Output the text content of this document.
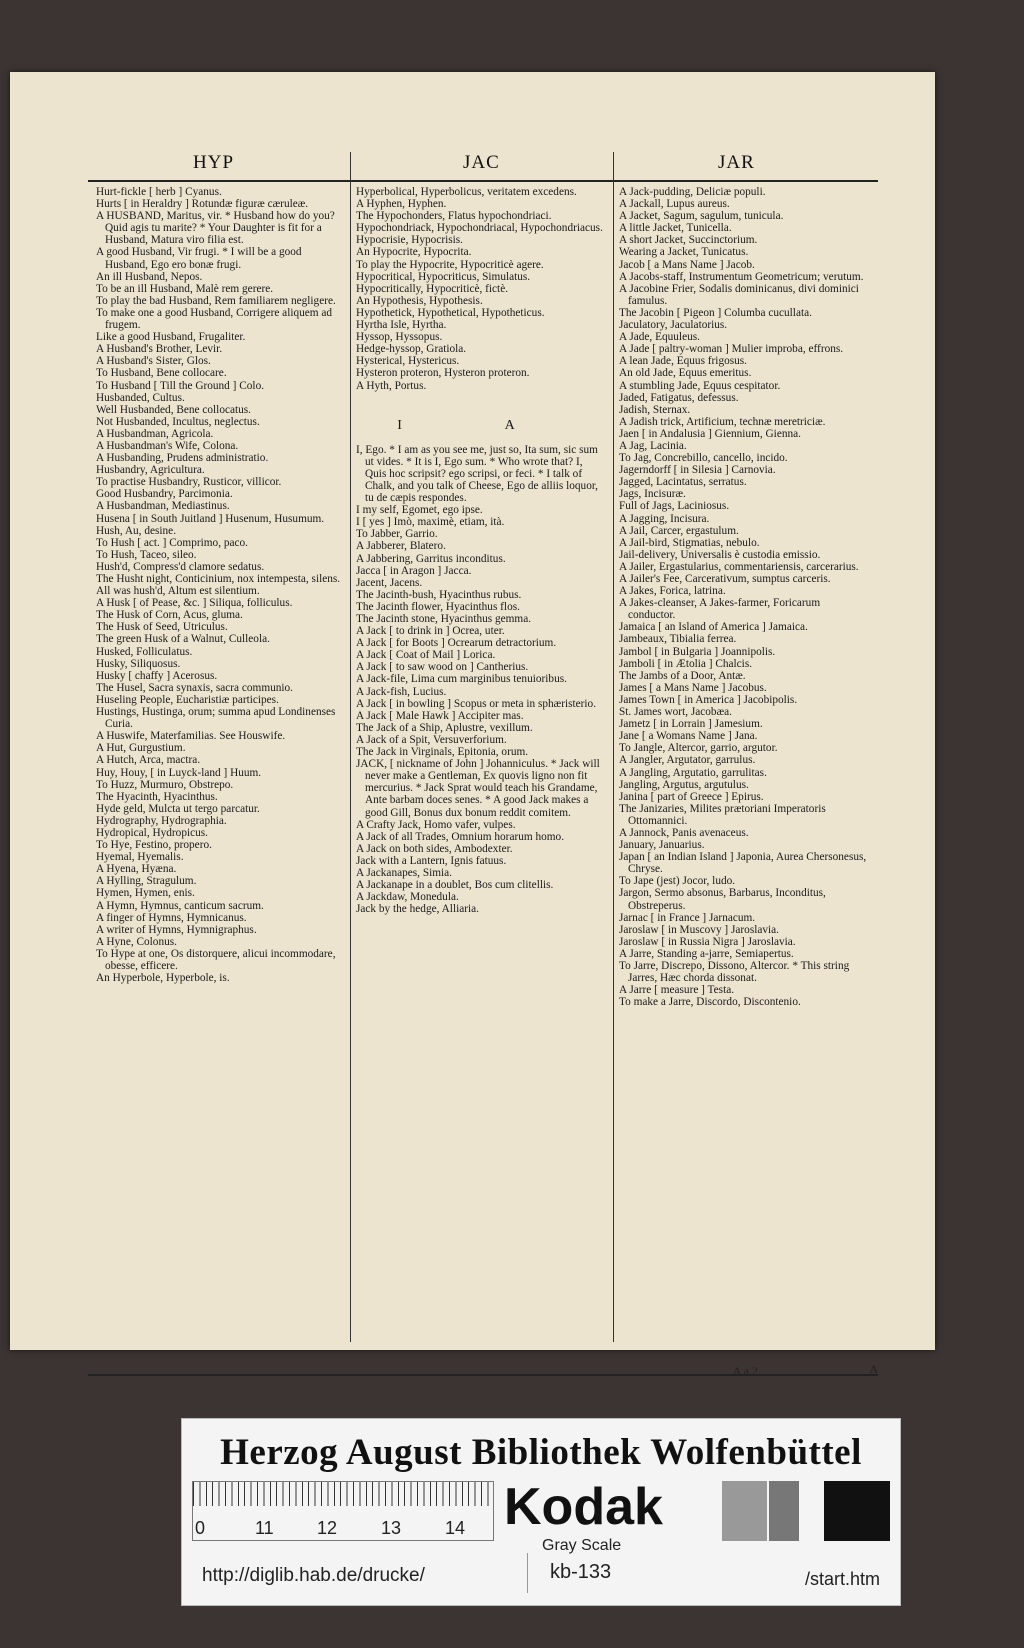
HYP	JAC	JAR

Hurt-fickle [ herb ] Cyanus.

Hurts [ in Heraldry ] Rotundæ figuræ cæruleæ.

A HUSBAND, Maritus, vir. * Husband how do you? Quid agis tu marite? * Your Daughter is fit for a Husband, Matura viro filia est.

A good Husband, Vir frugi. * I will be a good Husband, Ego ero bonæ frugi.

An ill Husband, Nepos.

To be an ill Husband, Malè rem gerere.

To play the bad Husband, Rem familiarem negligere.

To make one a good Husband, Corrigere aliquem ad frugem.

Like a good Husband, Frugaliter.

A Husband's Brother, Levir.

A Husband's Sister, Glos.

To Husband, Bene collocare.

To Husband [ Till the Ground ] Colo.

Husbanded, Cultus.

Well Husbanded, Bene collocatus.

Not Husbanded, Incultus, neglectus.

A Husbandman, Agricola.

A Husbandman's Wife, Colona.

A Husbanding, Prudens administratio.

Husbandry, Agricultura.

To practise Husbandry, Rusticor, villicor.

Good Husbandry, Parcimonia.

A Husbandman, Mediastinus.

Husena [ in South Juitland ] Husenum, Husumum.

Hush, Au, desine.

To Hush [ act. ] Comprimo, paco.

To Hush, Taceo, sileo.

Hush'd, Compress'd clamore sedatus.

The Husht night, Conticinium, nox intempesta, silens.

All was hush'd, Altum est silentium.

A Husk [ of Pease, &c. ] Siliqua, folliculus.

The Husk of Corn, Acus, gluma.

The Husk of Seed, Utriculus.

The green Husk of a Walnut, Culleola.

Husked, Folliculatus.

Husky, Siliquosus.

Husky [ chaffy ] Acerosus.

The Husel, Sacra synaxis, sacra communio.

Huseling People, Eucharistiæ participes.

Hustings, Hustinga, orum; summa apud Londinenses Curia.

A Huswife, Materfamilias. See Houswife.

A Hut, Gurgustium.

A Hutch, Arca, mactra.

Huy, Houy, [ in Luyck-land ] Huum.

To Huzz, Murmuro, Obstrepo.

The Hyacinth, Hyacinthus.

Hyde geld, Mulcta ut tergo parcatur.

Hydrography, Hydrographia.

Hydropical, Hydropicus.

To Hye, Festino, propero.

Hyemal, Hyemalis.

A Hyena, Hyæna.

A Hylling, Stragulum.

Hymen, Hymen, enis.

A Hymn, Hymnus, canticum sacrum.

A finger of Hymns, Hymnicanus.

A writer of Hymns, Hymnigraphus.

A Hyne, Colonus.

To Hype at one, Os distorquere, alicui incommodare, obesse, efficere.

An Hyperbole, Hyperbole, is.

Hyperbolical, Hyperbolicus, veritatem excedens.

A Hyphen, Hyphen.

The Hypochonders, Flatus hypochondriaci.

Hypochondriack, Hypochondriacal, Hypochondriacus.

Hypocrisie, Hypocrisis.

An Hypocrite, Hypocrita.

To play the Hypocrite, Hypocriticè agere.

Hypocritical, Hypocriticus, Simulatus.

Hypocritically, Hypocriticè, fictè.

An Hypothesis, Hypothesis.

Hypothetick, Hypothetical, Hypotheticus.

Hyrtha Isle, Hyrtha.

Hyssop, Hyssopus.

Hedge-hyssop, Gratiola.

Hysterical, Hystericus.

Hysteron proteron, Hysteron proteron.

A Hyth, Portus.

I A

I, Ego. * I am as you see me, just so, Ita sum, sic sum ut vides. * It is I, Ego sum. * Who wrote that? I, Quis hoc scripsit? ego scripsi, or feci. * I talk of Chalk, and you talk of Cheese, Ego de alliis loquor, tu de cæpis respondes.

I my self, Egomet, ego ipse.

I [ yes ] Imò, maximè, etiam, ità.

To Jabber, Garrio.

A Jabberer, Blatero.

A Jabbering, Garritus inconditus.

Jacca [ in Aragon ] Jacca.

Jacent, Jacens.

The Jacinth-bush, Hyacinthus rubus.

The Jacinth flower, Hyacinthus flos.

The Jacinth stone, Hyacinthus gemma.

A Jack [ to drink in ] Ocrea, uter.

A Jack [ for Boots ] Ocrearum detractorium.

A Jack [ Coat of Mail ] Lorica.

A Jack [ to saw wood on ] Cantherius.

A Jack-file, Lima cum marginibus tenuioribus.

A Jack-fish, Lucius.

A Jack [ in bowling ] Scopus or meta in sphæristerio.

A Jack [ Male Hawk ] Accipiter mas.

The Jack of a Ship, Aplustre, vexillum.

A Jack of a Spit, Versuverforium.

The Jack in Virginals, Epitonia, orum.

JACK, [ nickname of John ] Johanniculus. * Jack will never make a Gentleman, Ex quovis ligno non fit mercurius. * Jack Sprat would teach his Grandame, Ante barbam doces senes. * A good Jack makes a good Gill, Bonus dux bonum reddit comitem.

A Crafty Jack, Homo vafer, vulpes.

A Jack of all Trades, Omnium horarum homo.

A Jack on both sides, Ambodexter.

Jack with a Lantern, Ignis fatuus.

A Jackanapes, Simia.

A Jackanape in a doublet, Bos cum clitellis.

A Jackdaw, Monedula.

Jack by the hedge, Alliaria.

A Jack-pudding, Deliciæ populi.

A Jackall, Lupus aureus.

A Jacket, Sagum, sagulum, tunicula.

A little Jacket, Tunicella.

A short Jacket, Succinctorium.

Wearing a Jacket, Tunicatus.

Jacob [ a Mans Name ] Jacob.

A Jacobs-staff, Instrumentum Geometricum; verutum.

A Jacobine Frier, Sodalis dominicanus, divi dominici famulus.

The Jacobin [ Pigeon ] Columba cucullata.

Jaculatory, Jaculatorius.

A Jade, Equuleus.

A Jade [ paltry-woman ] Mulier improba, effrons.

A lean Jade, Equus frigosus.

An old Jade, Equus emeritus.

A stumbling Jade, Equus cespitator.

Jaded, Fatigatus, defessus.

Jadish, Sternax.

A Jadish trick, Artificium, technæ meretriciæ.

Jaen [ in Andalusia ] Giennium, Gienna.

A Jag, Lacinia.

To Jag, Concrebillo, cancello, incido.

Jagerndorff [ in Silesia ] Carnovia.

Jagged, Lacintatus, serratus.

Jags, Incisuræ.

Full of Jags, Laciniosus.

A Jagging, Incisura.

A Jail, Carcer, ergastulum.

A Jail-bird, Stigmatias, nebulo.

Jail-delivery, Universalis è custodia emissio.

A Jailer, Ergastularius, commentariensis, carcerarius.

A Jailer's Fee, Carcerativum, sumptus carceris.

A Jakes, Forica, latrina.

A Jakes-cleanser, A Jakes-farmer, Foricarum conductor.

Jamaica [ an Island of America ] Jamaica.

Jambeaux, Tibialia ferrea.

Jambol [ in Bulgaria ] Joannipolis.

Jamboli [ in Ætolia ] Chalcis.

The Jambs of a Door, Antæ.

James [ a Mans Name ] Jacobus.

James Town [ in America ] Jacobipolis.

St. James wort, Jacobæa.

Jametz [ in Lorrain ] Jamesium.

Jane [ a Womans Name ] Jana.

To Jangle, Altercor, garrio, argutor.

A Jangler, Argutator, garrulus.

A Jangling, Argutatio, garrulitas.

Jangling, Argutus, argutulus.

Janina [ part of Greece ] Epirus.

The Janizaries, Milites prætoriani Imperatoris Ottomannici.

A Jannock, Panis avenaceus.

January, Januarius.

Japan [ an Indian Island ] Japonia, Aurea Chersonesus, Chryse.

To Jape (jest) Jocor, ludo.

Jargon, Sermo absonus, Barbarus, Inconditus, Obstreperus.

Jarnac [ in France ] Jarnacum.

Jaroslaw [ in Muscovy ] Jaroslavia.

Jaroslaw [ in Russia Nigra ] Jaroslavia.

A Jarre, Standing a-jarre, Semiapertus.

To Jarre, Discrepo, Dissono, Altercor. * This string Jarres, Hæc chorda dissonat.

A Jarre [ measure ] Testa.

To make a Jarre, Discordo, Discontenio.

A a 2	A
Herzog August Bibliothek Wolfenbüttel
0	11 12 13 14 Kodak
Gray Scale
http://diglib.hab.de/drucke/	kb-133	/start.htm
